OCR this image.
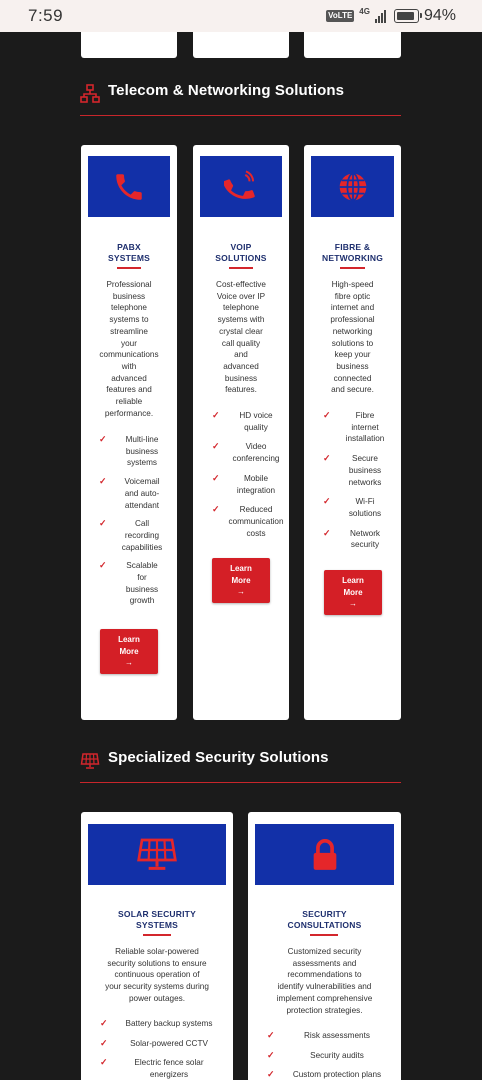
7:59	VoLTE 4G	94%
Telecom & Networking Solutions
PABX
SYSTEMS
Professional
business
telephone
systems to
streamline
your
communications
with
advanced
features and
reliable
performance.
✓	Multi-line
business
systems
✓	Voicemail
and auto-
attendant
✓	Call
recording
capabilities
✓	Scalable
for
business
growth
Learn
More
→
VOIP
SOLUTIONS
Cost-effective
Voice over IP
telephone
systems with
crystal clear
call quality
and
advanced
business
features.
✓	HD voice
quality
✓	Video
conferencing
✓	Mobile
integration
✓	Reduced
communication
costs
Learn
More
→
FIBRE &
NETWORKING
High-speed
fibre optic
internet and
professional
networking
solutions to
keep your
business
connected
and secure.
✓	Fibre
internet
installation
✓	Secure
business
networks
✓	Wi-Fi
solutions
✓	Network
security
Learn
More
→
Specialized Security Solutions
SOLAR SECURITY
SYSTEMS
Reliable solar-powered
security solutions to ensure
continuous operation of
your security systems during
power outages.
✓	Battery backup systems
✓	Solar-powered CCTV
✓	Electric fence solar
energizers
SECURITY
CONSULTATIONS
Customized security
assessments and
recommendations to
identify vulnerabilities and
implement comprehensive
protection strategies.
✓	Risk assessments
✓	Security audits
✓	Custom protection plans
